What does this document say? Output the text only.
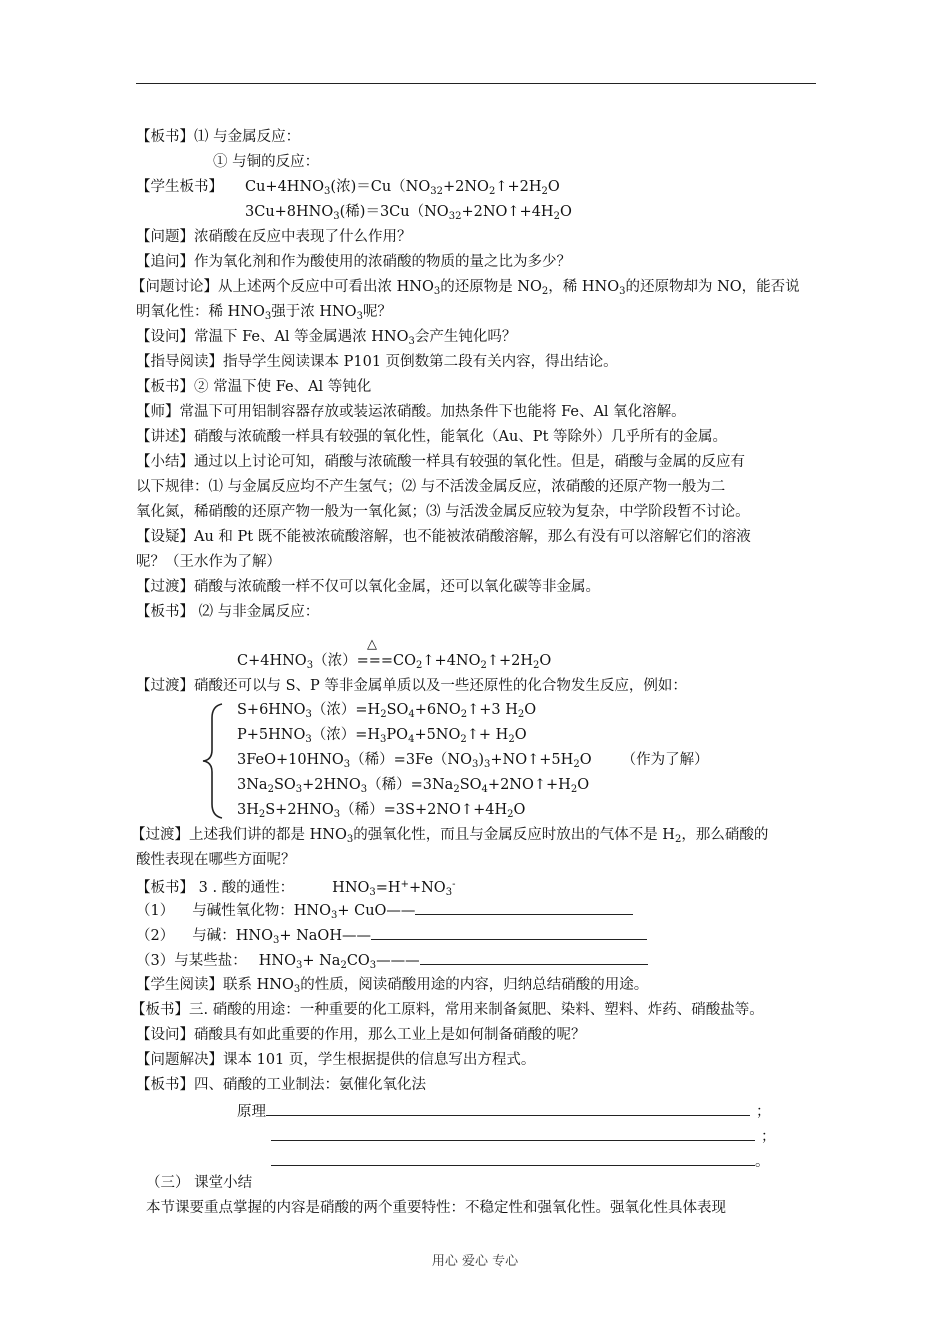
【板书】⑴ 与金属反应：
① 与铜的反应：
【学生板书】 $Cu+4HNO_3$(浓)$=Cu(NO_{32}+2NO_2↑+2H_2O$
$3Cu+8HNO_3$(稀)$=3Cu(NO_{32}+2NO↑+4H_2O$
【问题】浓硝酸在反应中表现了什么作用？
【追问】作为氧化剂和作为酸使用的浓硝酸的物质的量之比为多少？
【问题讨论】从上述两个反应中可看出浓 $HNO_3$的还原物是 $NO_2$，稀 $HNO_3$的还原物却为 NO，能否说
明氧化性：稀 $HNO_3$强于浓 $HNO_3$呢？
【设问】常温下 Fe、Al 等金属遇浓 $HNO_3$会产生钝化吗？
【指导阅读】指导学生阅读课本 P101 页倒数第二段有关内容，得出结论。
【板书】② 常温下使 Fe、Al 等钝化
【师】常温下可用铝制容器存放或装运浓硝酸。加热条件下也能将 Fe、Al 氧化溶解。
【讲述】硝酸与浓硫酸一样具有较强的氧化性，能氧化（Au、Pt 等除外）几乎所有的金属。
【小结】通过以上讨论可知，硝酸与浓硫酸一样具有较强的氧化性。但是，硝酸与金属的反应有
以下规律：⑴ 与金属反应均不产生氢气；⑵ 与不活泼金属反应，浓硝酸的还原产物一般为二
氧化氮，稀硝酸的还原产物一般为一氧化氮；⑶ 与活泼金属反应较为复杂，中学阶段暂不讨论。
【设疑】Au 和 Pt 既不能被浓硫酸溶解，也不能被浓硝酸溶解，那么有没有可以溶解它们的溶液
呢？（王水作为了解）
【过渡】硝酸与浓硫酸一样不仅可以氧化金属，还可以氧化碳等非金属。
【板书】 ⑵ 与非金属反应：
△
$C+4HNO_3$（浓）$===CO_2↑+4NO_2↑+2H_2O$
【过渡】硝酸还可以与 S、P 等非金属单质以及一些还原性的化合物发生反应，例如：
$S+6HNO_3$（浓）$=H_2SO_4+6NO_2↑+3$ $H_2O$
$P+5HNO_3$（浓）$=H_3PO_4+5NO_2↑+ H_2O$
$3FeO+10HNO_3$（稀）$=3Fe(NO_3)_3+NO↑+5H_2O$ （作为了解）
$3Na_2SO_3+2HNO_3$（稀）$=3Na_2SO_4+2NO↑+H_2O$
$3H_2S+2HNO_3$（稀）$=3S+2NO↑+4H_2O$
【过渡】上述我们讲的都是 $HNO_3$的强氧化性，而且与金属反应时放出的气体不是 $H_2$，那么硝酸的
酸性表现在哪些方面呢？
【板书】 3 . 酸的通性：	$HNO_3=H^++NO_3^-$
（1） 与碱性氧化物：$HNO_3+$ CuO——
（2） 与碱：$HNO_3+$ NaOH——
（3）与某些盐： $HNO_3+$ $Na_2CO_3———$
【学生阅读】联系 $HNO_3$的性质，阅读硝酸用途的内容，归纳总结硝酸的用途。
【板书】三. 硝酸的用途：一种重要的化工原料，常用来制备氮肥、染料、塑料、炸药、硝酸盐等。
【设问】硝酸具有如此重要的作用，那么工业上是如何制备硝酸的呢？
【问题解决】课本 101 页，学生根据提供的信息写出方程式。
【板书】四、硝酸的工业制法：氨催化氧化法
原理	；
；
。
（三） 课堂小结
本节课要重点掌握的内容是硝酸的两个重要特性：不稳定性和强氧化性。强氧化性具体表现
用心 爱心 专心
